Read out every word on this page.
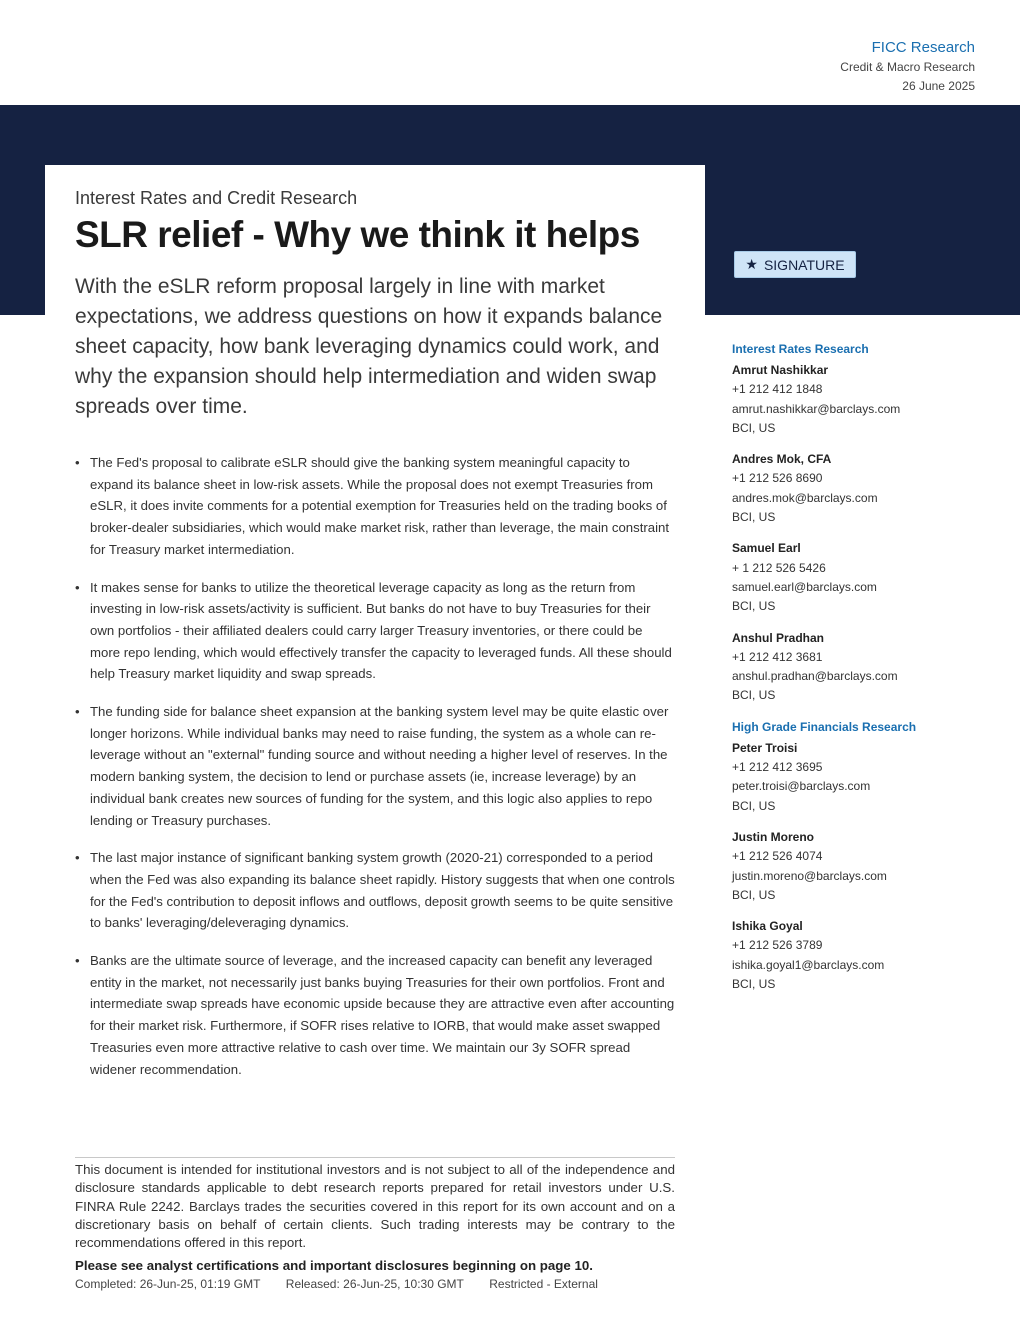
FICC Research
Credit & Macro Research
26 June 2025
Interest Rates and Credit Research
SLR relief - Why we think it helps
With the eSLR reform proposal largely in line with market expectations, we address questions on how it expands balance sheet capacity, how bank leveraging dynamics could work, and why the expansion should help intermediation and widen swap spreads over time.
★ SIGNATURE
• The Fed's proposal to calibrate eSLR should give the banking system meaningful capacity to expand its balance sheet in low-risk assets. While the proposal does not exempt Treasuries from eSLR, it does invite comments for a potential exemption for Treasuries held on the trading books of broker-dealer subsidiaries, which would make market risk, rather than leverage, the main constraint for Treasury market intermediation.
• It makes sense for banks to utilize the theoretical leverage capacity as long as the return from investing in low-risk assets/activity is sufficient. But banks do not have to buy Treasuries for their own portfolios - their affiliated dealers could carry larger Treasury inventories, or there could be more repo lending, which would effectively transfer the capacity to leveraged funds. All these should help Treasury market liquidity and swap spreads.
• The funding side for balance sheet expansion at the banking system level may be quite elastic over longer horizons. While individual banks may need to raise funding, the system as a whole can re-leverage without an "external" funding source and without needing a higher level of reserves. In the modern banking system, the decision to lend or purchase assets (ie, increase leverage) by an individual bank creates new sources of funding for the system, and this logic also applies to repo lending or Treasury purchases.
• The last major instance of significant banking system growth (2020-21) corresponded to a period when the Fed was also expanding its balance sheet rapidly. History suggests that when one controls for the Fed's contribution to deposit inflows and outflows, deposit growth seems to be quite sensitive to banks' leveraging/deleveraging dynamics.
• Banks are the ultimate source of leverage, and the increased capacity can benefit any leveraged entity in the market, not necessarily just banks buying Treasuries for their own portfolios. Front and intermediate swap spreads have economic upside because they are attractive even after accounting for their market risk. Furthermore, if SOFR rises relative to IORB, that would make asset swapped Treasuries even more attractive relative to cash over time. We maintain our 3y SOFR spread widener recommendation.
Interest Rates Research
Amrut Nashikkar
+1 212 412 1848
amrut.nashikkar@barclays.com
BCI, US
Andres Mok, CFA
+1 212 526 8690
andres.mok@barclays.com
BCI, US
Samuel Earl
+ 1 212 526 5426
samuel.earl@barclays.com
BCI, US
Anshul Pradhan
+1 212 412 3681
anshul.pradhan@barclays.com
BCI, US
High Grade Financials Research
Peter Troisi
+1 212 412 3695
peter.troisi@barclays.com
BCI, US
Justin Moreno
+1 212 526 4074
justin.moreno@barclays.com
BCI, US
Ishika Goyal
+1 212 526 3789
ishika.goyal1@barclays.com
BCI, US

This document is intended for institutional investors and is not subject to all of the independence and disclosure standards applicable to debt research reports prepared for retail investors under U.S. FINRA Rule 2242. Barclays trades the securities covered in this report for its own account and on a discretionary basis on behalf of certain clients. Such trading interests may be contrary to the recommendations offered in this report.

Please see analyst certifications and important disclosures beginning on page 10.
Completed: 26-Jun-25, 01:19 GMT Released: 26-Jun-25, 10:30 GMT Restricted - External
